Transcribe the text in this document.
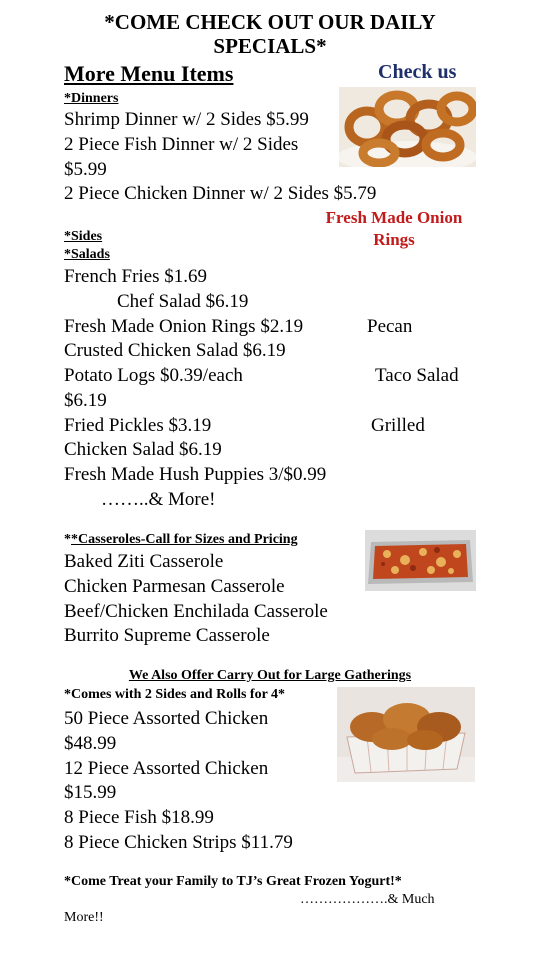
*COME CHECK OUT OUR DAILY
SPECIALS*
More Menu Items	Check us
*Dinners
Shrimp Dinner w/ 2 Sides $5.99
2 Piece Fish Dinner w/ 2 Sides
$5.99
2 Piece Chicken Dinner w/ 2 Sides $5.79
Fresh Made Onion
Rings
*Sides
*Salads
French Fries $1.69
Chef Salad $6.19
Fresh Made Onion Rings $2.19	Pecan
Crusted Chicken Salad $6.19
Potato Logs $0.39/each	Taco Salad
$6.19
Fried Pickles $3.19	Grilled
Chicken Salad $6.19
Fresh Made Hush Puppies 3/$0.99
……..& More!
**Casseroles-Call for Sizes and Pricing
Baked Ziti Casserole
Chicken Parmesan Casserole
Beef/Chicken Enchilada Casserole
Burrito Supreme Casserole
We Also Offer Carry Out for Large Gatherings
*Comes with 2 Sides and Rolls for 4*
50 Piece Assorted Chicken
$48.99
12 Piece Assorted Chicken
$15.99
8 Piece Fish $18.99
8 Piece Chicken Strips $11.79
*Come Treat your Family to TJ’s Great Frozen Yogurt!*
……………….& Much
More!!
